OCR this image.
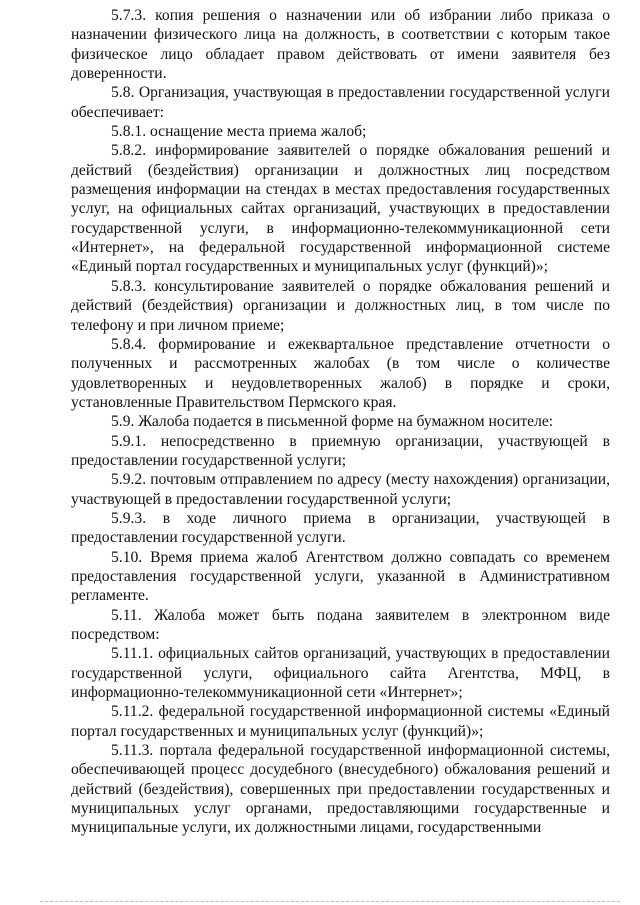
5.7.3. копия решения о назначении или об избрании либо приказа о назначении физического лица на должность, в соответствии с которым такое физическое лицо обладает правом действовать от имени заявителя без доверенности.

5.8. Организация, участвующая в предоставлении государственной услуги обеспечивает:

5.8.1. оснащение места приема жалоб;

5.8.2. информирование заявителей о порядке обжалования решений и действий (бездействия) организации и должностных лиц посредством размещения информации на стендах в местах предоставления государственных услуг, на официальных сайтах организаций, участвующих в предоставлении государственной услуги, в информационно-телекоммуникационной сети «Интернет», на федеральной государственной информационной системе «Единый портал государственных и муниципальных услуг (функций)»;

5.8.3. консультирование заявителей о порядке обжалования решений и действий (бездействия) организации и должностных лиц, в том числе по телефону и при личном приеме;

5.8.4. формирование и ежеквартальное представление отчетности о полученных и рассмотренных жалобах (в том числе о количестве удовлетворенных и неудовлетворенных жалоб) в порядке и сроки, установленные Правительством Пермского края.

5.9. Жалоба подается в письменной форме на бумажном носителе:

5.9.1. непосредственно в приемную организации, участвующей в предоставлении государственной услуги;

5.9.2. почтовым отправлением по адресу (месту нахождения) организации, участвующей в предоставлении государственной услуги;

5.9.3. в ходе личного приема в организации, участвующей в предоставлении государственной услуги.

5.10. Время приема жалоб Агентством должно совпадать со временем предоставления государственной услуги, указанной в Административном регламенте.

5.11. Жалоба может быть подана заявителем в электронном виде посредством:

5.11.1. официальных сайтов организаций, участвующих в предоставлении государственной услуги, официального сайта Агентства, МФЦ, в информационно-телекоммуникационной сети «Интернет»;

5.11.2. федеральной государственной информационной системы «Единый портал государственных и муниципальных услуг (функций)»;

5.11.3. портала федеральной государственной информационной системы, обеспечивающей процесс досудебного (внесудебного) обжалования решений и действий (бездействия), совершенных при предоставлении государственных и муниципальных услуг органами, предоставляющими государственные и муниципальные услуги, их должностными лицами, государственными
